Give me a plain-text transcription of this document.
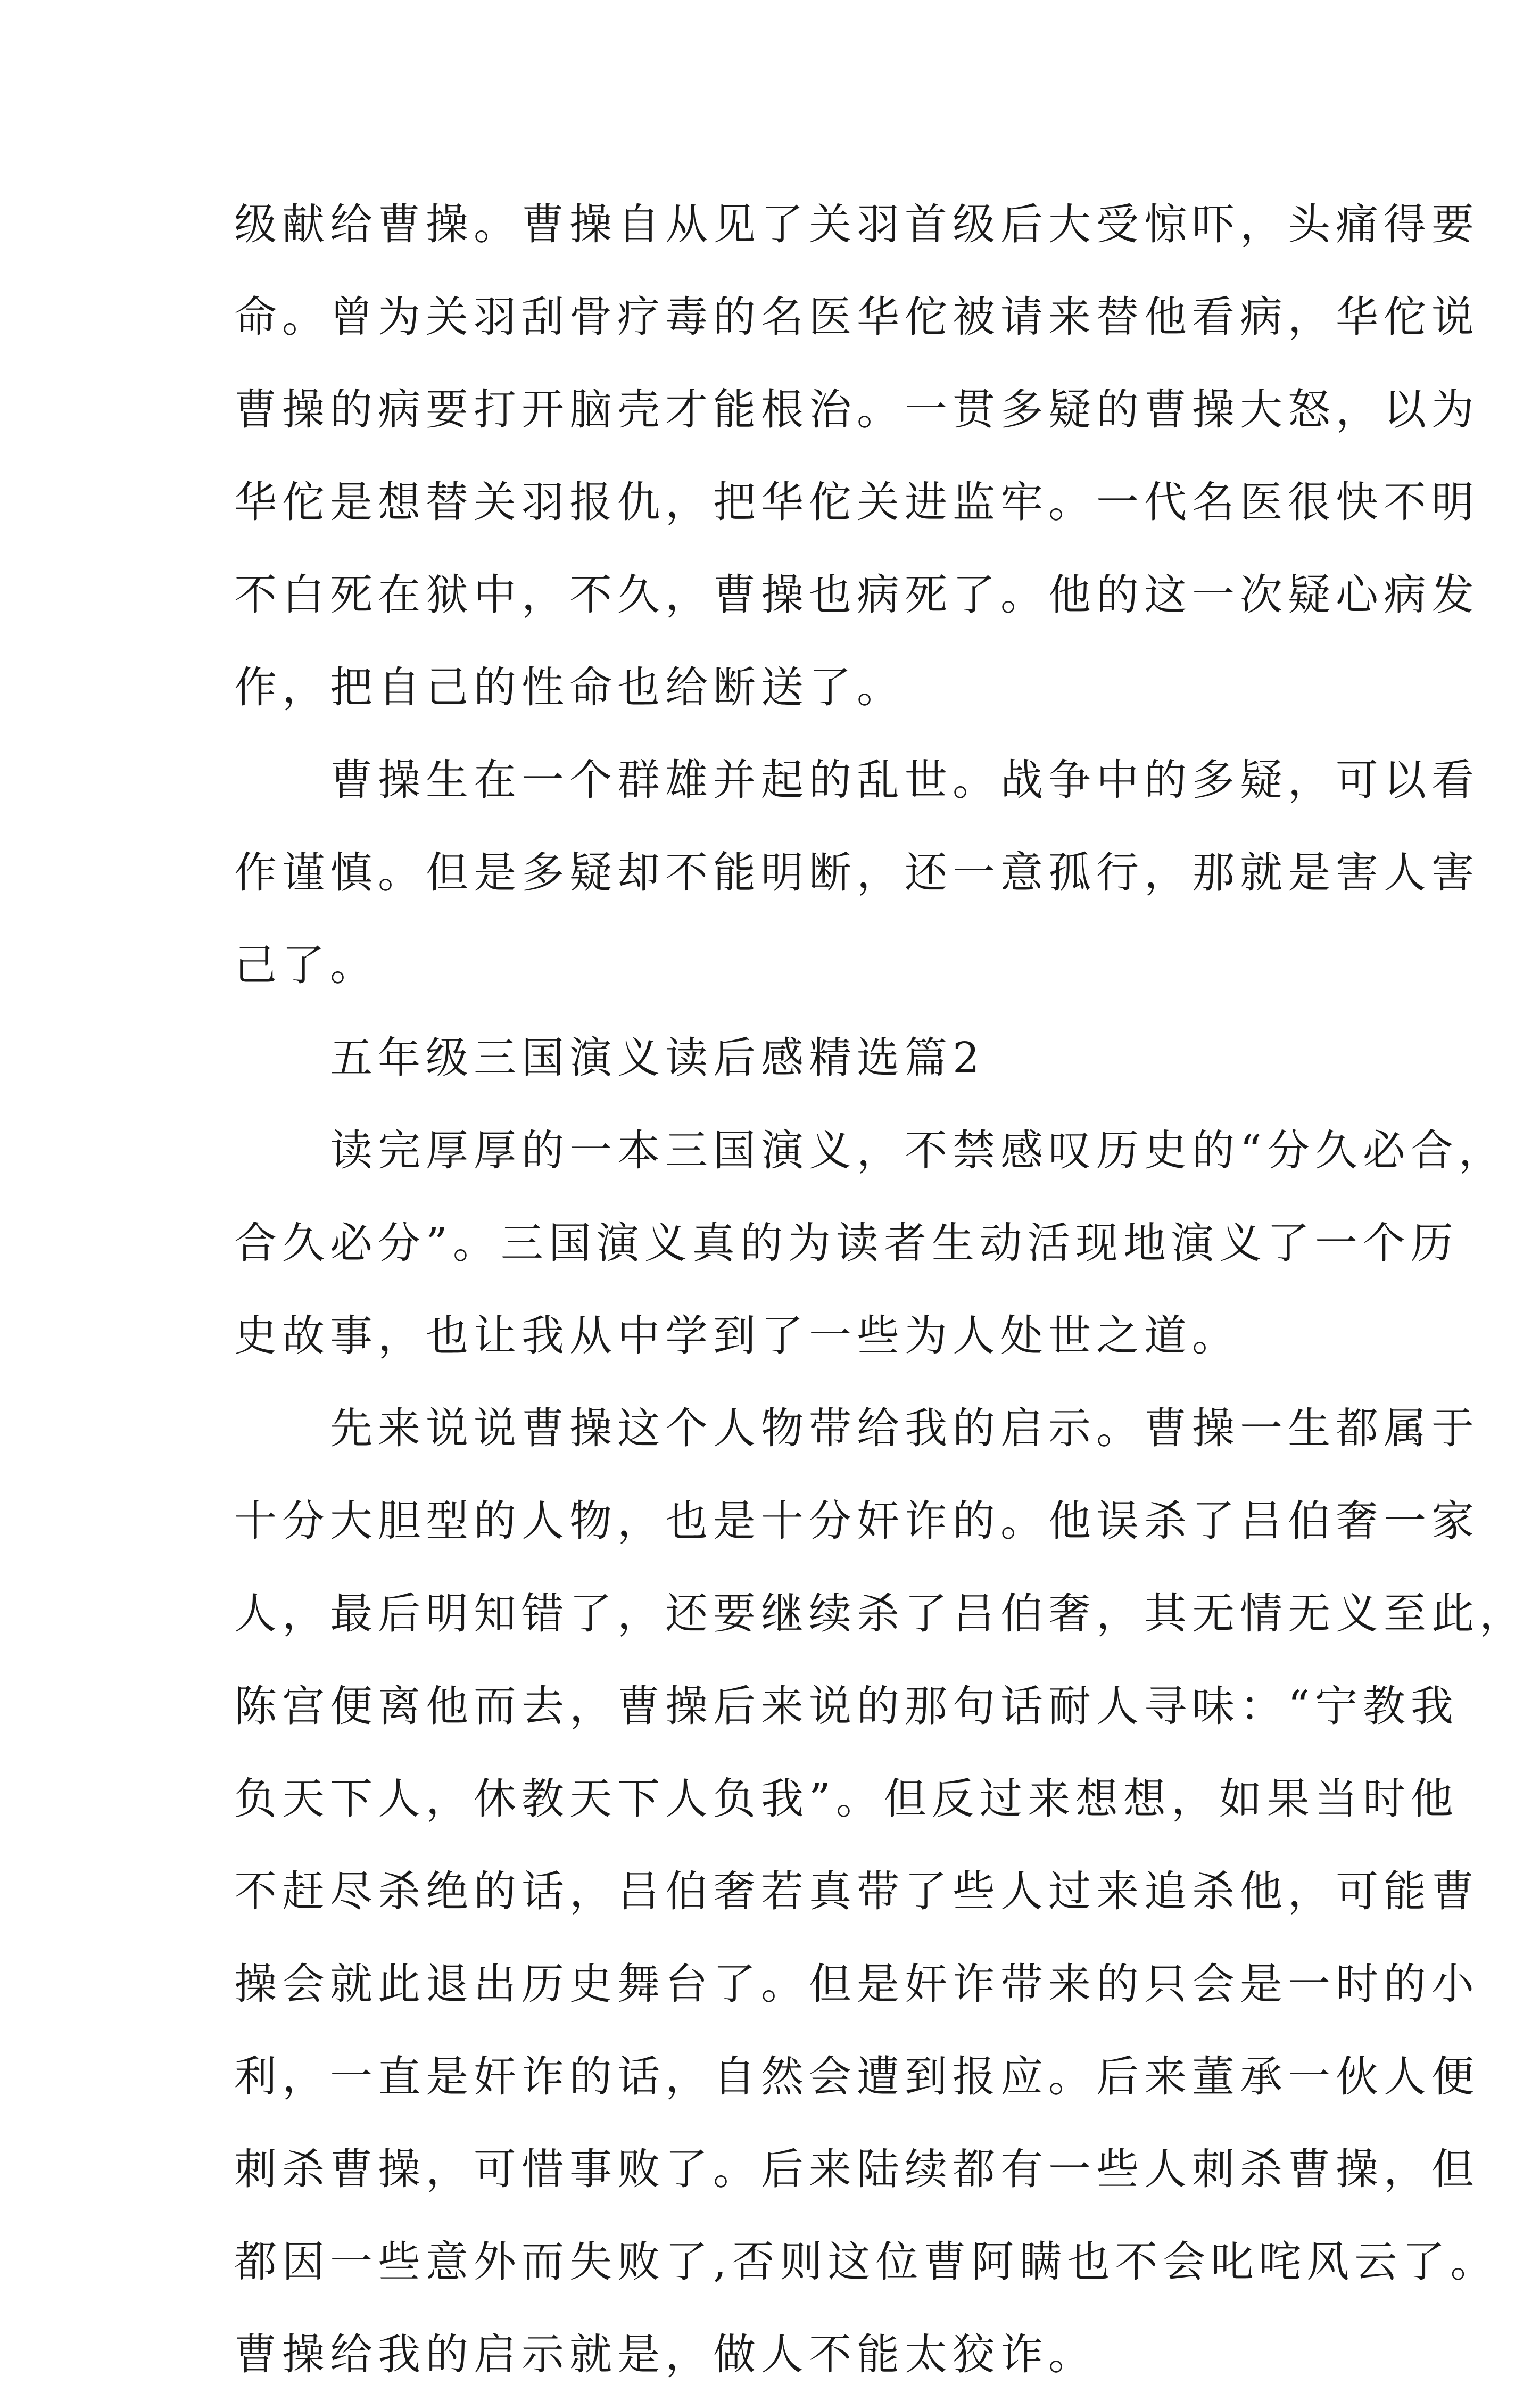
级献给曹操。曹操自从见了关羽首级后大受惊吓，头痛得要
命。曾为关羽刮骨疗毒的名医华佗被请来替他看病，华佗说
曹操的病要打开脑壳才能根治。一贯多疑的曹操大怒，以为
华佗是想替关羽报仇，把华佗关进监牢。一代名医很快不明
不白死在狱中，不久，曹操也病死了。他的这一次疑心病发
作，把自己的性命也给断送了。

曹操生在一个群雄并起的乱世。战争中的多疑，可以看
作谨慎。但是多疑却不能明断，还一意孤行，那就是害人害
己了。

五年级三国演义读后感精选篇2

读完厚厚的一本三国演义，不禁感叹历史的“分久必合，
合久必分”。三国演义真的为读者生动活现地演义了一个历
史故事，也让我从中学到了一些为人处世之道。

先来说说曹操这个人物带给我的启示。曹操一生都属于
十分大胆型的人物，也是十分奸诈的。他误杀了吕伯奢一家
人，最后明知错了，还要继续杀了吕伯奢，其无情无义至此，
陈宫便离他而去，曹操后来说的那句话耐人寻味：“宁教我
负天下人，休教天下人负我”。但反过来想想，如果当时他
不赶尽杀绝的话，吕伯奢若真带了些人过来追杀他，可能曹
操会就此退出历史舞台了。但是奸诈带来的只会是一时的小
利，一直是奸诈的话，自然会遭到报应。后来董承一伙人便
刺杀曹操，可惜事败了。后来陆续都有一些人刺杀曹操，但
都因一些意外而失败了,否则这位曹阿瞒也不会叱咤风云了。
曹操给我的启示就是，做人不能太狡诈。
